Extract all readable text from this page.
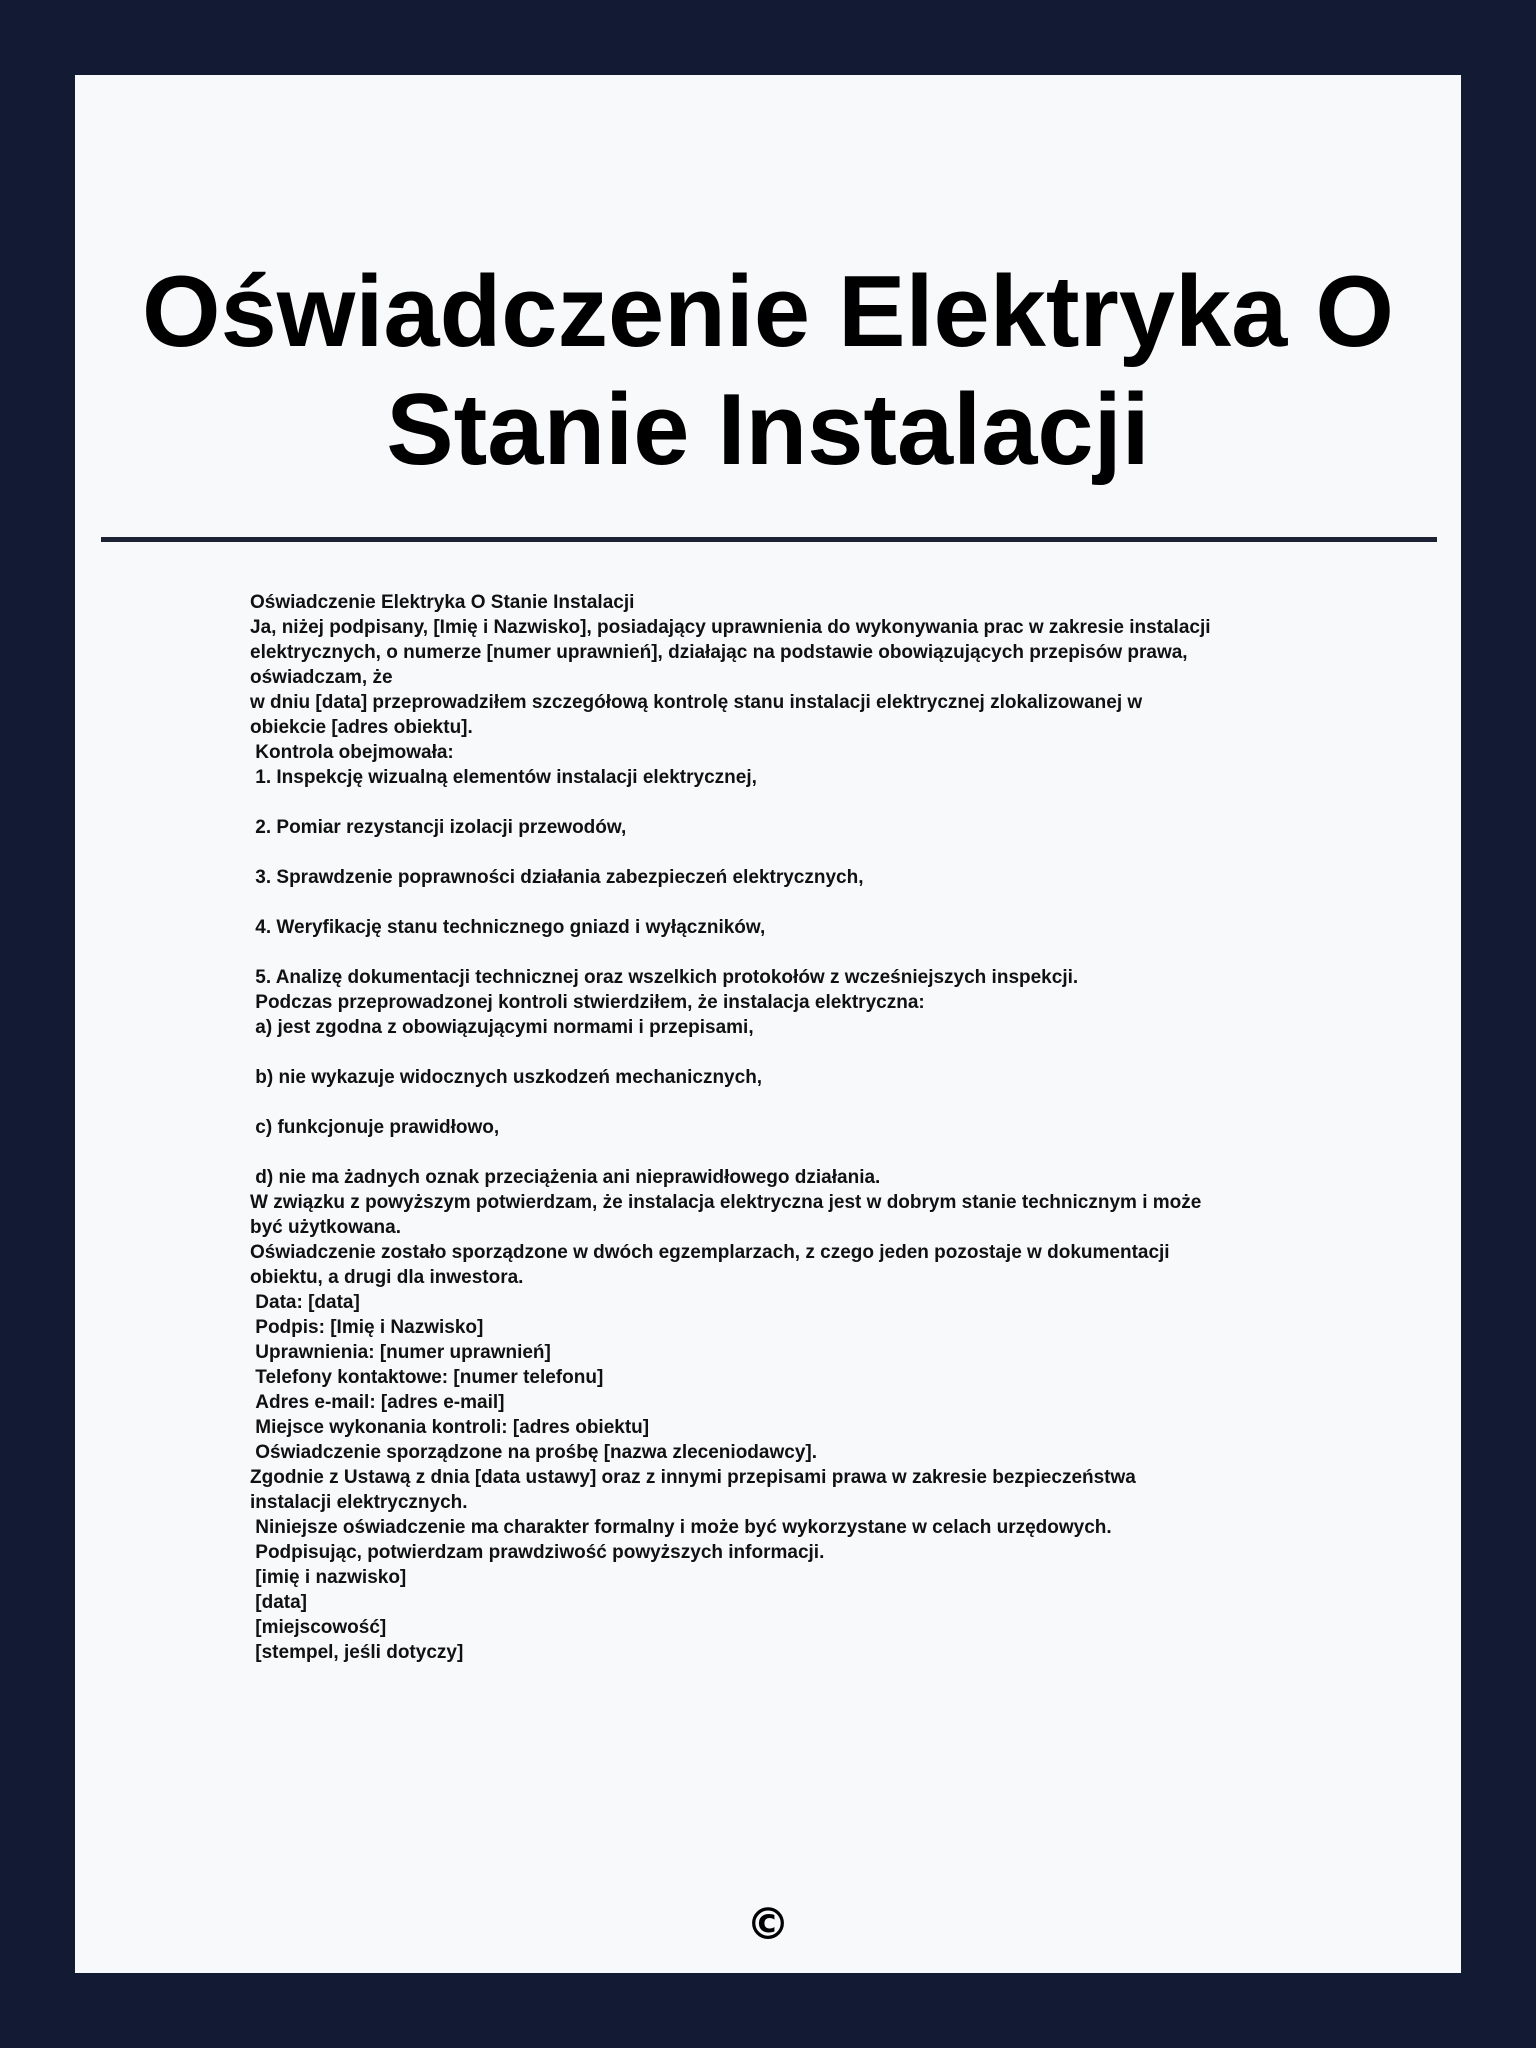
Oświadczenie Elektryka O Stanie Instalacji

Oświadczenie Elektryka O Stanie Instalacji
Ja, niżej podpisany, [Imię i Nazwisko], posiadający uprawnienia do wykonywania prac w zakresie instalacji
elektrycznych, o numerze [numer uprawnień], działając na podstawie obowiązujących przepisów prawa,
oświadczam, że
w dniu [data] przeprowadziłem szczegółową kontrolę stanu instalacji elektrycznej zlokalizowanej w
obiekcie [adres obiektu].
Kontrola obejmowała:
1. Inspekcję wizualną elementów instalacji elektrycznej,

2. Pomiar rezystancji izolacji przewodów,

3. Sprawdzenie poprawności działania zabezpieczeń elektrycznych,

4. Weryfikację stanu technicznego gniazd i wyłączników,

5. Analizę dokumentacji technicznej oraz wszelkich protokołów z wcześniejszych inspekcji.
Podczas przeprowadzonej kontroli stwierdziłem, że instalacja elektryczna:
a) jest zgodna z obowiązującymi normami i przepisami,

b) nie wykazuje widocznych uszkodzeń mechanicznych,

c) funkcjonuje prawidłowo,

d) nie ma żadnych oznak przeciążenia ani nieprawidłowego działania.
W związku z powyższym potwierdzam, że instalacja elektryczna jest w dobrym stanie technicznym i może
być użytkowana.
Oświadczenie zostało sporządzone w dwóch egzemplarzach, z czego jeden pozostaje w dokumentacji
obiektu, a drugi dla inwestora.
Data: [data]
Podpis: [Imię i Nazwisko]
Uprawnienia: [numer uprawnień]
Telefony kontaktowe: [numer telefonu]
Adres e-mail: [adres e-mail]
Miejsce wykonania kontroli: [adres obiektu]
Oświadczenie sporządzone na prośbę [nazwa zleceniodawcy].
Zgodnie z Ustawą z dnia [data ustawy] oraz z innymi przepisami prawa w zakresie bezpieczeństwa
instalacji elektrycznych.
Niniejsze oświadczenie ma charakter formalny i może być wykorzystane w celach urzędowych.
Podpisując, potwierdzam prawdziwość powyższych informacji.
[imię i nazwisko]
[data]
[miejscowość]
[stempel, jeśli dotyczy]

©
